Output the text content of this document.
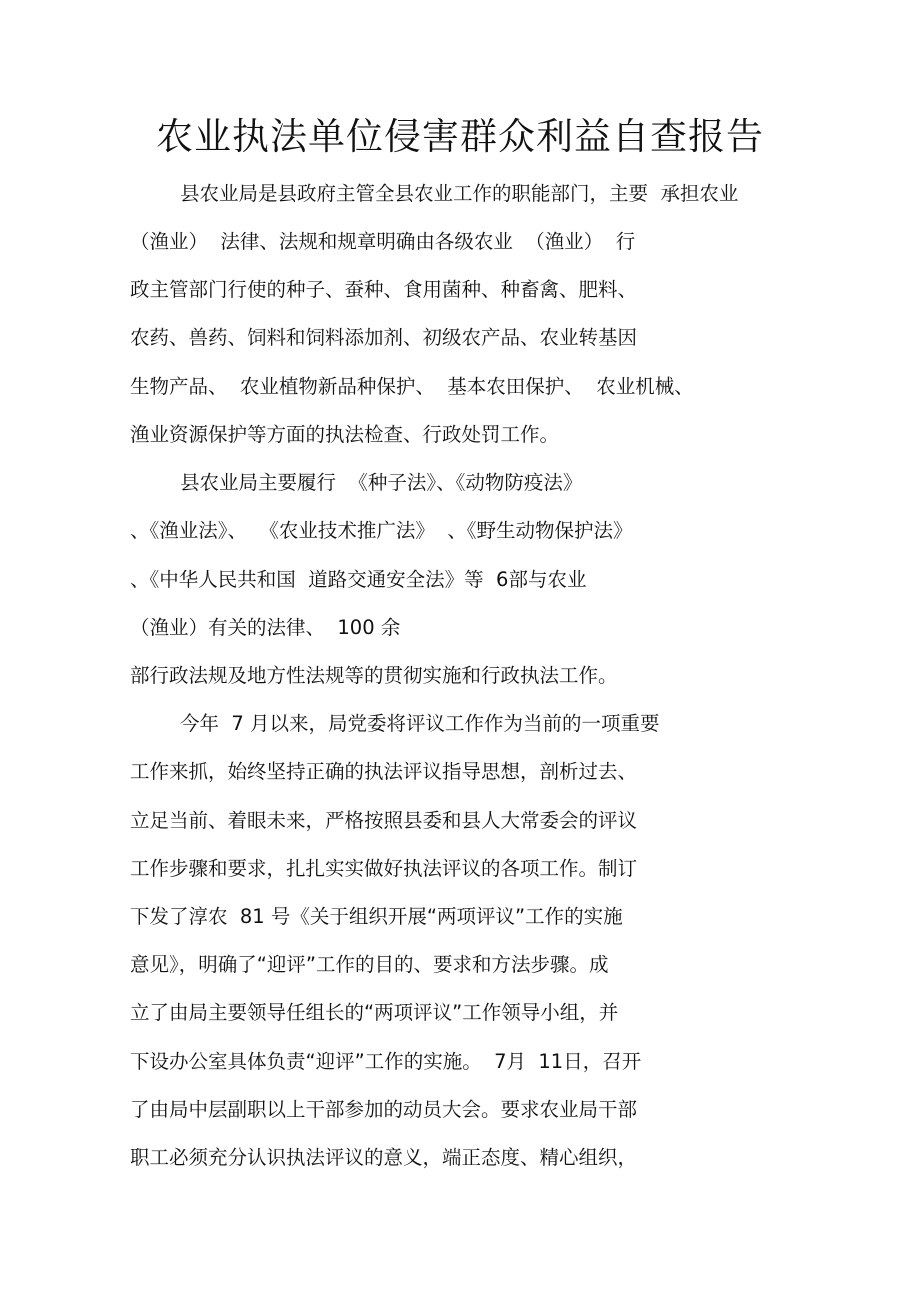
农业执法单位侵害群众利益自查报告
县农业局是县政府主管全县农业工作的职能部门，主要  承担农业
（渔业）  法律、法规和规章明确由各级农业  （渔业）  行
政主管部门行使的种子、蚕种、食用菌种、种畜禽、肥料、
农药、兽药、饲料和饲料添加剂、初级农产品、农业转基因
生物产品、  农业植物新品种保护、  基本农田保护、  农业机械、
渔业资源保护等方面的执法检查、行政处罚工作。
县农业局主要履行  《种子法》、《动物防疫法》
、《渔业法》、  《农业技术推广法》  、《野生动物保护法》
、《中华人民共和国  道路交通安全法》等  6部与农业
（渔业）有关的法律、  100 余
部行政法规及地方性法规等的贯彻实施和行政执法工作。
今年  7 月以来，局党委将评议工作作为当前的一项重要
工作来抓，始终坚持正确的执法评议指导思想，剖析过去、
立足当前、着眼未来，严格按照县委和县人大常委会的评议
工作步骤和要求，扎扎实实做好执法评议的各项工作。制订
下发了淳农  81 号《关于组织开展“两项评议”工作的实施
意见》，明确了“迎评”工作的目的、要求和方法步骤。成
立了由局主要领导任组长的“两项评议”工作领导小组，并
下设办公室具体负责“迎评”工作的实施。  7月  11日，召开
了由局中层副职以上干部参加的动员大会。要求农业局干部
职工必须充分认识执法评议的意义，端正态度、精心组织，
